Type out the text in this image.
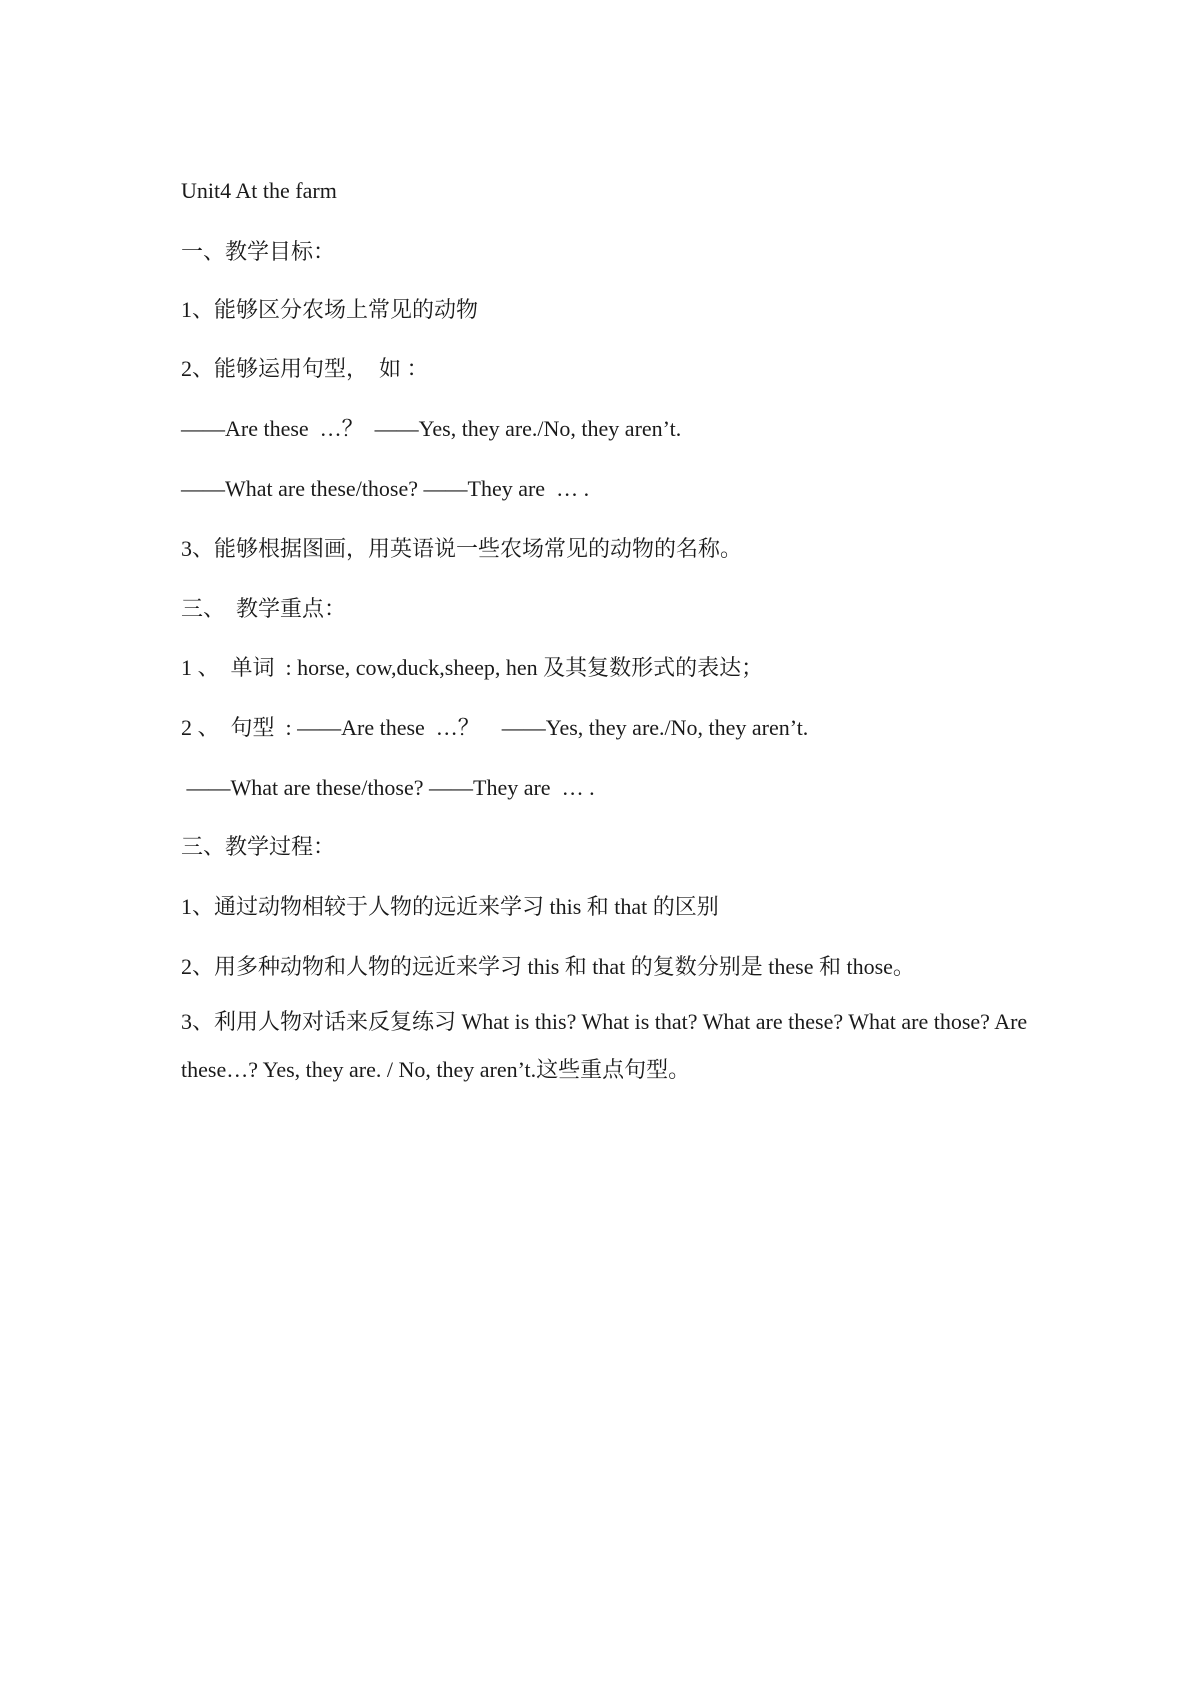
Unit4 At the farm
一、教学目标：
1、能够区分农场上常见的动物
2、能够运用句型，  如 ：
——Are these  …？  ——Yes, they are./No, they aren’t.
——What are these/those? ——They are  … .
3、能够根据图画，用英语说一些农场常见的动物的名称。
三、  教学重点：
1 、  单词  : horse, cow,duck,sheep, hen 及其复数形式的表达；
2 、  句型  : ——Are these  …？    ——Yes, they are./No, they aren’t.
——What are these/those? ——They are  … .
三、教学过程：
1、通过动物相较于人物的远近来学习 this 和 that 的区别
2、用多种动物和人物的远近来学习 this 和 that 的复数分别是 these 和 those。
3、利用人物对话来反复练习 What is this? What is that? What are these? What are those? Are these…? Yes, they are. / No, they aren’t.这些重点句型。
